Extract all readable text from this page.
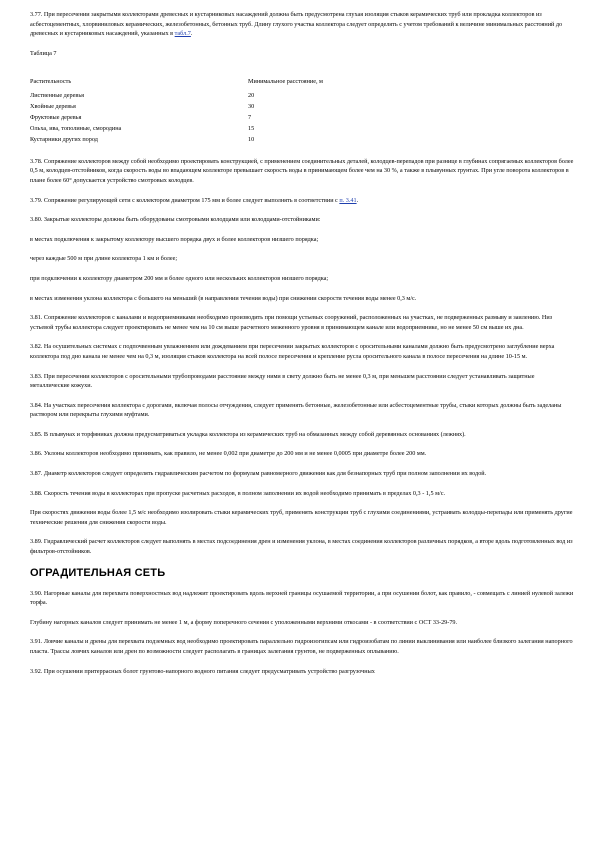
3.77. При пересечении закрытыми коллекторами древесных и кустарниковых насаждений должна быть предусмотрена глухая изоляция стыков керамических труб или прокладка коллекторов из асбестоцементных, хлорвиниловых керамических, железобетонных, бетонных труб. Длину глухого участка коллектора следует определять с учетом требований к величине минимальных расстояний до древесных и кустарниковых насаждений, указанных в табл.7.

Таблица 7

Растительность	Минимальное расстояние, м
Лиственные деревья	20
Хвойные деревья	30
Фруктовые деревья	7
Ольха, ива, тополиные, смородина	15
Кустарники других пород	10

3.78. Сопряжение коллекторов между собой необходимо проектировать конструкцией, с применением соединительных деталей, колодцев-перепадов при разнице в глубинах сопрягаемых коллекторов более 0,5 м, колодцев-отстойников, когда скорость воды во впадающем коллекторе превышает скорость воды в принимающем более чем на 30 %, а также в плывунных грунтах. При угле поворота коллекторов в плане более 60° допускается устройство смотровых колодцев.

3.79. Сопряжение регулирующей сети с коллектором диаметром 175 мм и более следует выполнять в соответствии с п. 3.41.

3.80. Закрытые коллекторы должны быть оборудованы смотровыми колодцами или колодцами-отстойниками:

в местах подключения к закрытому коллектору высшего порядка двух и более коллекторов низшего порядка;

через каждые 500 м при длине коллектора 1 км и более;

при подключении к коллектору диаметром 200 мм и более одного или нескольких коллекторов низшего порядка;

в местах изменения уклона коллектора с большего на меньший (в направлении течения воды) при снижении скорости течения воды менее 0,3 м/с.

3.81. Сопряжение коллекторов с каналами и водоприемниками необходимо производить при помощи устьевых сооружений, расположенных на участках, не подверженных размыву и заилению. Низ устьевой трубы коллектора следует проектировать не менее чем на 10 см выше расчетного меженного уровня в принимающем канале или водоприемнике, но не менее 50 см выше их дна.

3.82. На осушительных системах с подпочвенным увлажнением или дождеванием при пересечении закрытых коллекторов с оросительными каналами должно быть предусмотрено заглубление верха коллектора под дно канала не менее чем на 0,3 м, изоляция стыков коллектора на всей полосе пересечения и крепление русла оросительного канала в полосе пересечения на длине 10-15 м.

3.83. При пересечении коллекторов с оросительными трубопроводами расстояние между ними в свету должно быть не менее 0,3 м, при меньшем расстоянии следует устанавливать защитные металлические кожухи.

3.84. На участках пересечения коллектора с дорогами, включая полосы отчуждения, следует применять бетонные, железобетонные или асбестоцементные трубы, стыки которых должны быть заделаны раствором или перекрыты глухими муфтами.

3.85. В плывунах и торфяниках должна предусматриваться укладка коллектора из керамических труб на обмазанных между собой деревянных основаниях (лежнях).

3.86. Уклоны коллекторов необходимо принимать, как правило, не менее 0,002 при диаметре до 200 мм и не менее 0,0005 при диаметре более 200 мм.

3.87. Диаметр коллекторов следует определять гидравлическим расчетом по формулам равномерного движения как для безнапорных труб при полном заполнении их водой.

3.88. Скорость течения воды в коллекторах при пропуске расчетных расходов, в полном заполнении их водой необходимо принимать в пределах 0,3 - 1,5 м/с.

При скоростях движения воды более 1,5 м/с необходимо изолировать стыки керамических труб, применять конструкции труб с глухими соединениями, устраивать колодцы-перепады или применять другие технические решения для снижения скорости воды.

3.89. Гидравлический расчет коллекторов следует выполнять в местах подсоединения дрен и изменения уклона, в местах соединения коллекторов различных порядков, а вторе вдоль подготовленных вод из фильтров-отстойников.

ОГРАДИТЕЛЬНАЯ СЕТЬ

3.90. Нагорные каналы для перехвата поверхностных вод надлежит проектировать вдоль верхней границы осушаемой территории, а при осушении болот, как правило, - совмещать с линией нулевой залежи торфа.

Глубину нагорных каналов следует принимать не менее 1 м, а форму поперечного сечения с уположенными верхними откосами - в соответствии с ОСТ 33-29-79.

3.91. Ловчие каналы и дрены для перехвата подземных вод необходимо проектировать параллельно гидроизогипсам или гидроизобатам по линии выклинивания или наиболее близкого залегания напорного пласта. Трассы ловчих каналов или дрен по возможности следует располагать в границах залегания грунтов, не подверженных оплыванию.

3.92. При осушении притеррасных болот грунтово-напорного водного питания следует предусматривать устройство разгрузочных
